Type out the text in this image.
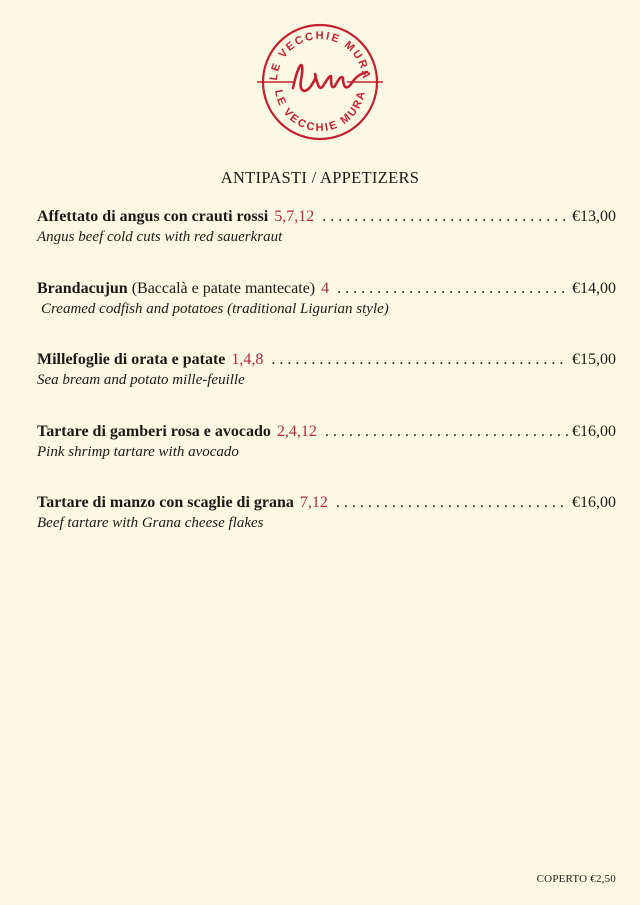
LE VECCHIE MURA
LE VECCHIE MURA
ANTIPASTI / APPETIZERS
Affettato di angus con crauti rossi 5,7,12 . . .	€13,00
Angus beef cold cuts with red sauerkraut
Brandacujun (Baccalà e patate mantecate) 4 . . .	€14,00
Creamed codfish and potatoes (traditional Ligurian style)
Millefoglie di orata e patate 1,4,8 . . .	€15,00
Sea bream and potato mille-feuille
Tartare di gamberi rosa e avocado 2,4,12 . . .	€16,00
Pink shrimp tartare with avocado
Tartare di manzo con scaglie di grana 7,12 . . .	€16,00
Beef tartare with Grana cheese flakes
COPERTO €2,50
